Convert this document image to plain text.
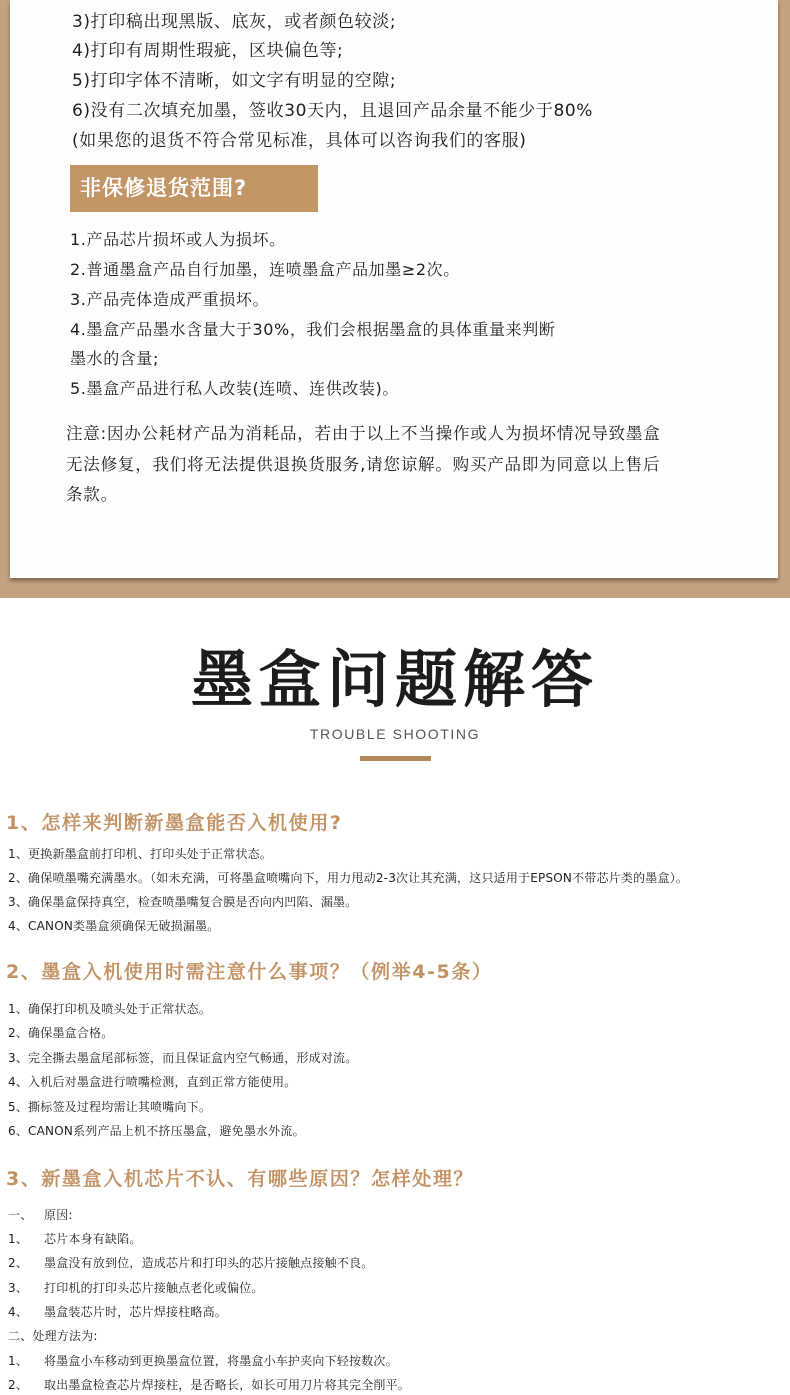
3)打印稿出现黑版、底灰，或者颜色较淡;
4)打印有周期性瑕疵，区块偏色等;
5)打印字体不清晰，如文字有明显的空隙;
6)没有二次填充加墨，签收30天内，且退回产品余量不能少于80%
(如果您的退货不符合常见标准，具体可以咨询我们的客服)
非保修退货范围?
1.产品芯片损坏或人为损坏。
2.普通墨盒产品自行加墨，连喷墨盒产品加墨≥2次。
3.产品壳体造成严重损坏。
4.墨盒产品墨水含量大于30%，我们会根据墨盒的具体重量来判断
墨水的含量;
5.墨盒产品进行私人改装(连喷、连供改装)。
注意:因办公耗材产品为消耗品，若由于以上不当操作或人为损坏情况导致墨盒
无法修复，我们将无法提供退换货服务,请您谅解。购买产品即为同意以上售后
条款。
墨盒问题解答
TROUBLE SHOOTING
1、怎样来判断新墨盒能否入机使用?
1、更换新墨盒前打印机、打印头处于正常状态。
2、确保喷墨嘴充满墨水。（如未充满，可将墨盒喷嘴向下，用力甩动2-3次让其充满，这只适用于EPSON不带芯片类的墨盒）。
3、确保墨盒保持真空，检查喷墨嘴复合膜是否向内凹陷、漏墨。
4、CANON类墨盒须确保无破损漏墨。
2、墨盒入机使用时需注意什么事项？（例举4-5条）
1、确保打印机及喷头处于正常状态。
2、确保墨盒合格。
3、完全撕去墨盒尾部标签，而且保证盒内空气畅通，形成对流。
4、入机后对墨盒进行喷嘴检测，直到正常方能使用。
5、撕标签及过程均需让其喷嘴向下。
6、CANON系列产品上机不挤压墨盒，避免墨水外流。
3、新墨盒入机芯片不认、有哪些原因？怎样处理？
一、 原因:
1、 芯片本身有缺陷。
2、 墨盒没有放到位，造成芯片和打印头的芯片接触点接触不良。
3、 打印机的打印头芯片接触点老化或偏位。
4、 墨盒装芯片时，芯片焊接柱略高。
二、处理方法为:
1、 将墨盒小车移动到更换墨盒位置，将墨盒小车护夹向下轻按数次。
2、 取出墨盒检查芯片焊接柱，是否略长，如长可用刀片将其完全削平。
